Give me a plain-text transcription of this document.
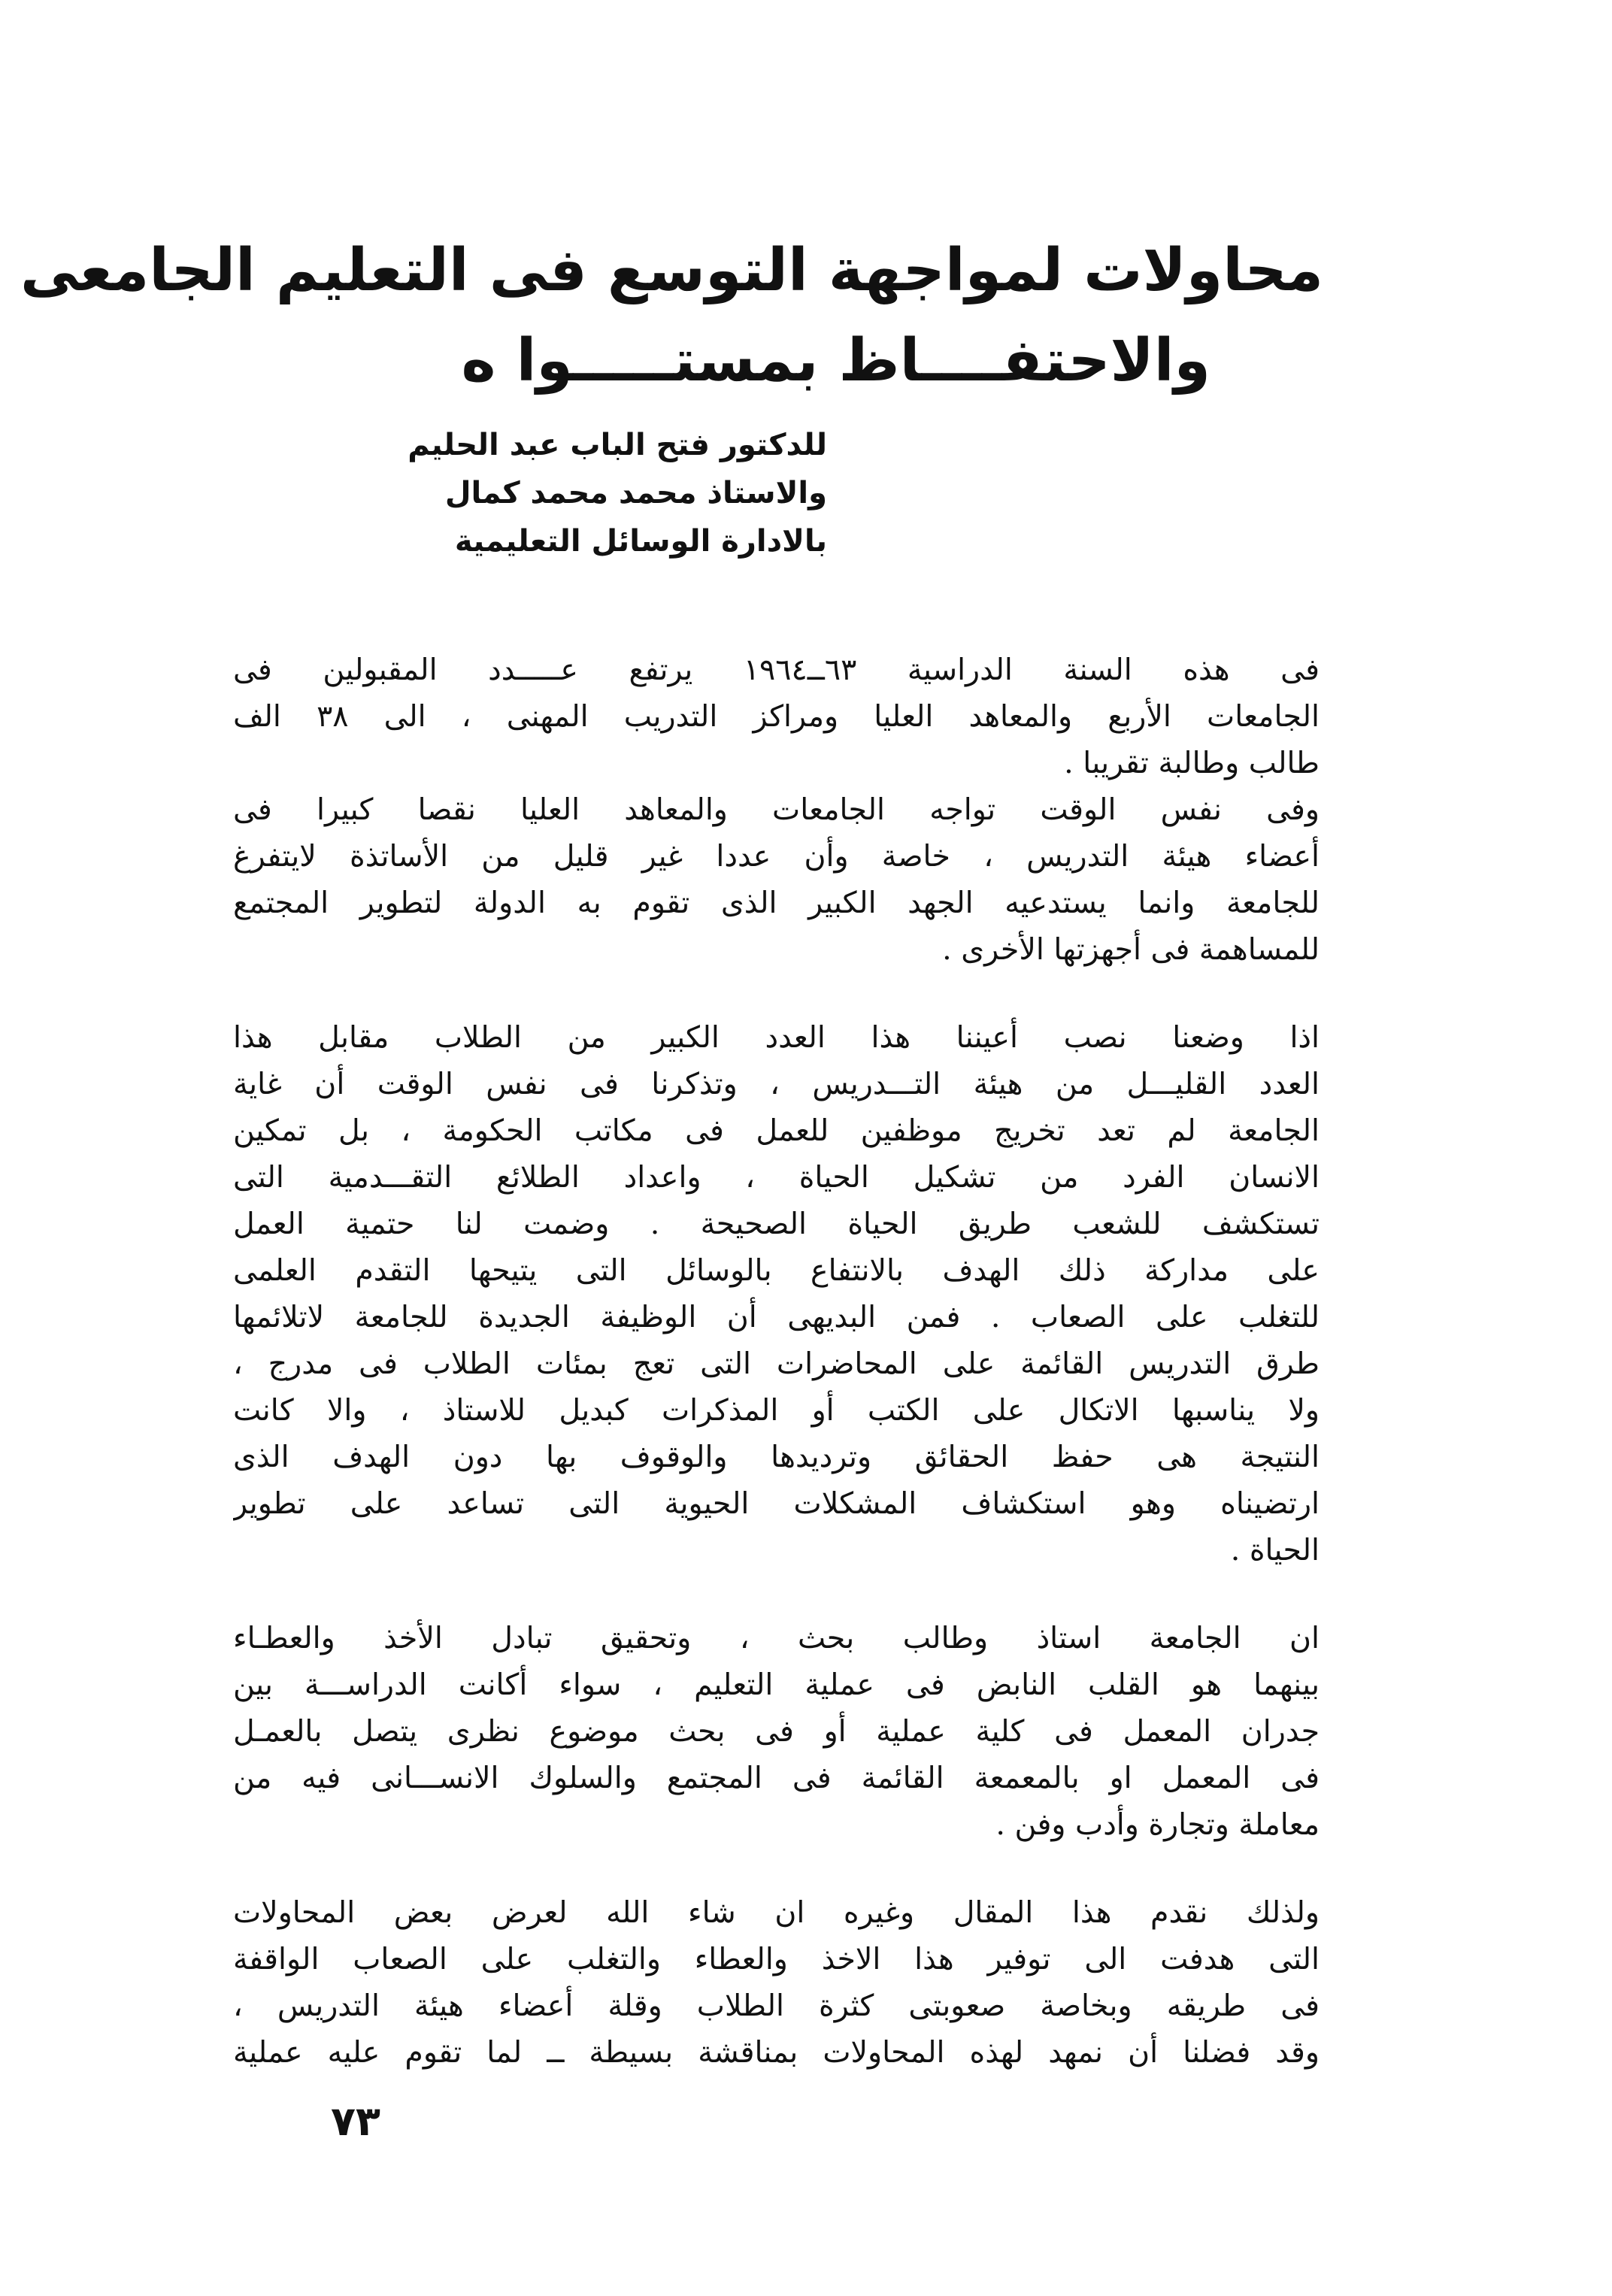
محاولات لمواجهة التوسع فى التعليم الجامعى
والاحتفــــاظ بمستـــــوا ه
للدكتور فتح الباب عبد الحليم
والاستاذ محمد محمد كمال
بالادارة الوسائل التعليمية
فى هذه السنة الدراسية ٦٣ــ١٩٦٤ يرتفع عـــــدد المقبولين فى
الجامعات الأربع والمعاهد العليا ومراكز التدريب المهنى ، الى ٣٨ الف
طالب وطالبة تقريبا .
وفى نفس الوقت تواجه الجامعات والمعاهد العليا نقصا كبيرا فى
أعضاء هيئة التدريس ، خاصة وأن عددا غير قليل من الأساتذة لايتفرغ
للجامعة وانما يستدعيه الجهد الكبير الذى تقوم به الدولة لتطوير المجتمع
للمساهمة فى أجهزتها الأخرى .
اذا وضعنا نصب أعيننا هذا العدد الكبير من الطلاب مقابل هذا
العدد القليـــل من هيئة التـــدريس ، وتذكرنا فى نفس الوقت أن غاية
الجامعة لم تعد تخريج موظفين للعمل فى مكاتب الحكومة ، بل تمكين
الانسان الفرد من تشكيل الحياة ، واعداد الطلائع التقـــدمية التى
تستكشف للشعب طريق الحياة الصحيحة . وضمت لنا حتمية العمل
على مداركة ذلك الهدف بالانتفاع بالوسائل التى يتيحها التقدم العلمى
للتغلب على الصعاب . فمن البديهى أن الوظيفة الجديدة للجامعة لاتلائمها
طرق التدريس القائمة على المحاضرات التى تعج بمئات الطلاب فى مدرج ،
ولا يناسبها الاتكال على الكتب أو المذكرات كبديل للاستاذ ، والا كانت
النتيجة هى حفظ الحقائق وترديدها والوقوف بها دون الهدف الذى
ارتضيناه وهو استكشاف المشكلات الحيوية التى تساعد على تطوير
الحياة .
ان الجامعة استاذ وطالب بحث ، وتحقيق تبادل الأخذ والعطـاء
بينهما هو القلب النابض فى عملية التعليم ، سواء أكانت الدراســـة بين
جدران المعمل فى كلية عملية أو فى بحث موضوع نظرى يتصل بالعمـل
فى المعمل او بالمعمعة القائمة فى المجتمع والسلوك الانســـانى فيه من
معاملة وتجارة وأدب وفن .
ولذلك نقدم هذا المقال وغيره ان شاء الله لعرض بعض المحاولات
التى هدفت الى توفير هذا الاخذ والعطاء والتغلب على الصعاب الواقفة
فى طريقه وبخاصة صعوبتى كثرة الطلاب وقلة أعضاء هيئة التدريس ،
وقد فضلنا أن نمهد لهذه المحاولات بمناقشة بسيطة ــ لما تقوم عليه عملية
٧٣
